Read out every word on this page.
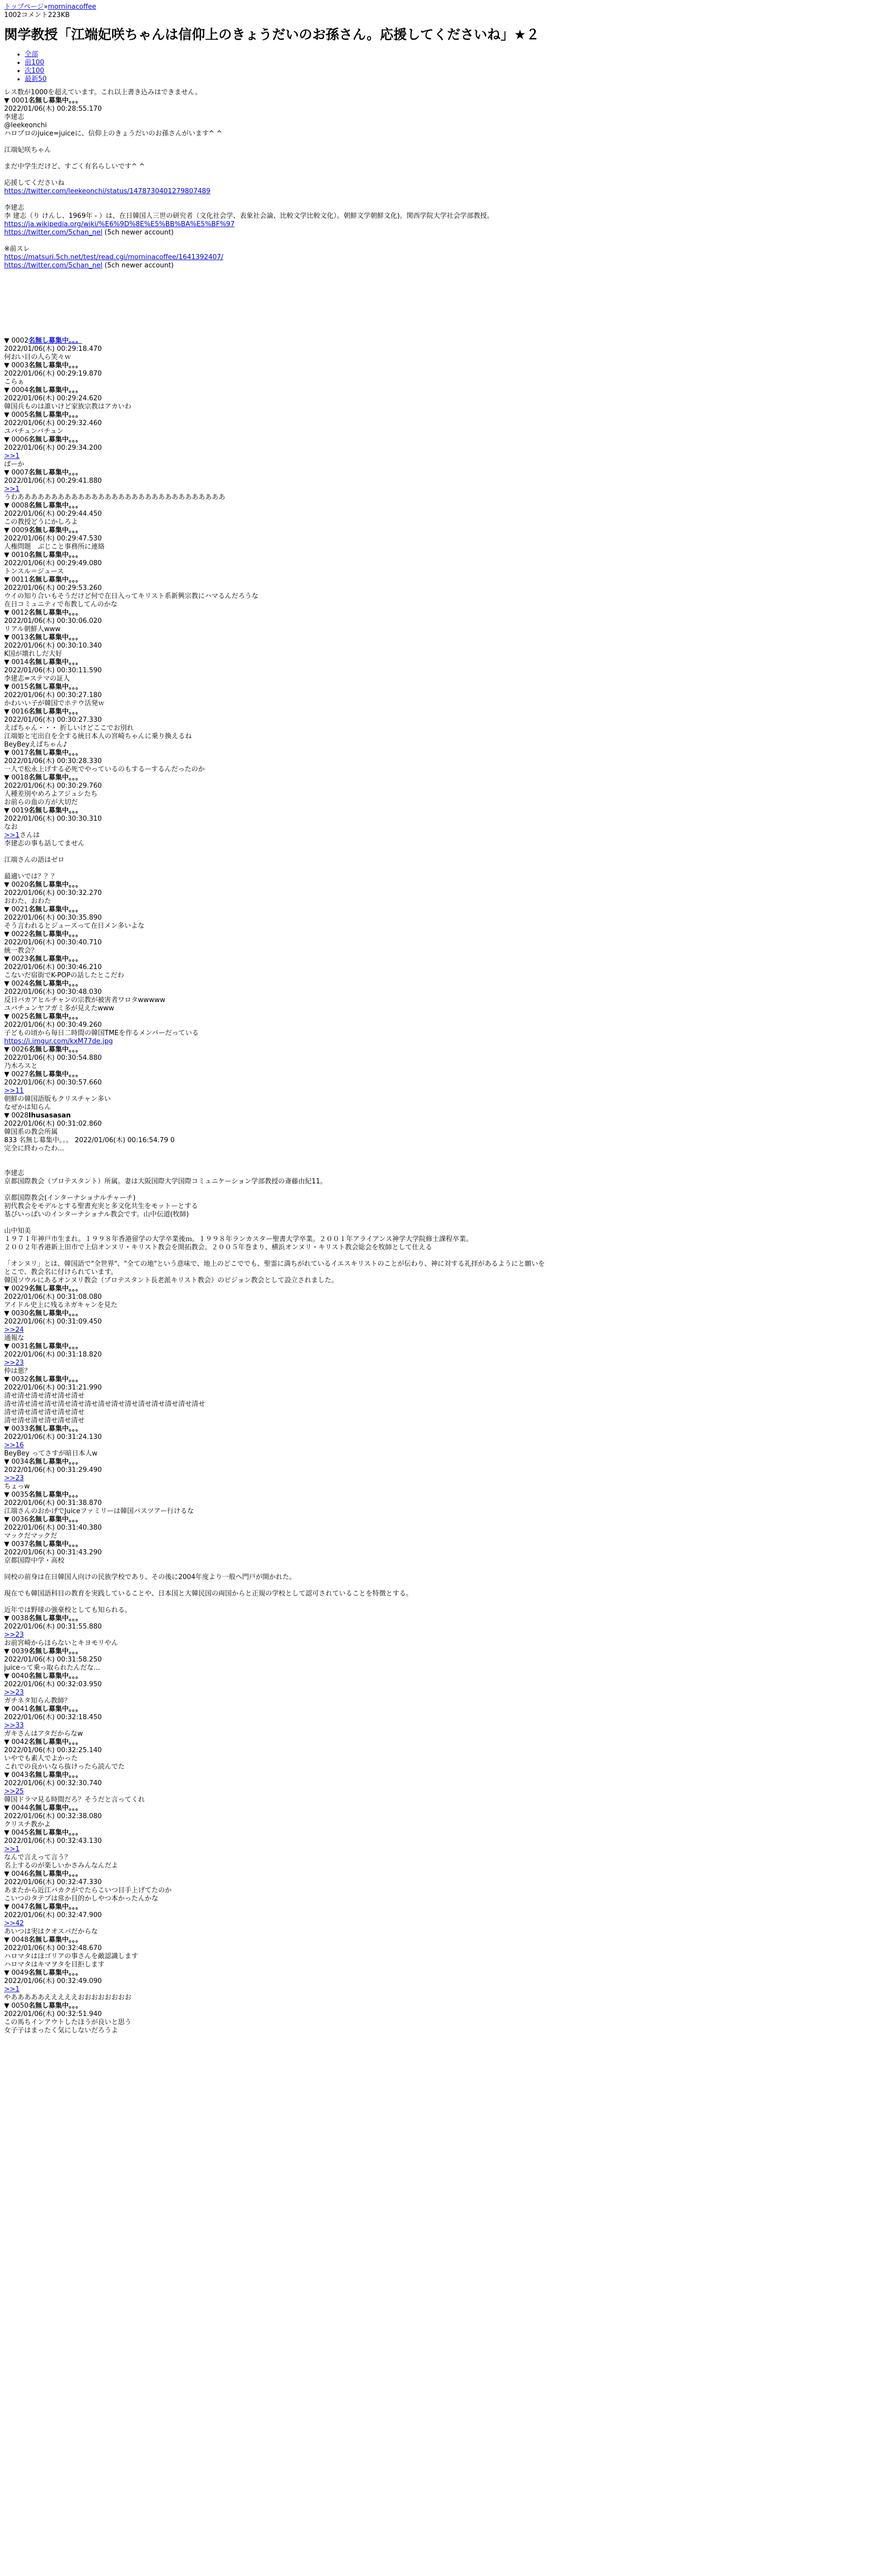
トップページ»morninacoffee
1002コメント223KB
関学教授「江端妃咲ちゃんは信仰上のきょうだいのお孫さん。応援してくださいね」★２
• 全部
• 前100
• 次100
• 最新50
レス数が1000を超えています。これ以上書き込みはできません。
▼ 0001名無し募集中。。。
2022/01/06(木) 00:28:55.170
李建志
@leekeonchi
ハロプロのjuice=juiceに、信仰上のきょうだいのお孫さんがいます^ ^

江端妃咲ちゃん

まだ中学生だけど、すごく有名らしいです^ ^

応援してくださいね

https://twitter.com/leekeonchi/status/1478730401279807489

李建志
李 建志（り けんし、1969年 - ）は、在日韓国人三世の研究者（文化社会学、表象社会論、比較文学比較文化）。朝鮮文学朝鮮文化)。関西学院大学社会学部教授。
https://ja.wikipedia.org/wiki/%E6%9D%8E%E5%BB%BA%E5%BF%97
https://twitter.com/5chan_nel (5ch newer account)

※前スレ
https://matsuri.5ch.net/test/read.cgi/morninacoffee/1641392407/
https://twitter.com/5chan_nel (5ch newer account)
▼ 0002名無し募集中。。。
2022/01/06(木) 00:29:18.470
何おい目の人ら笑々ｗ
▼ 0003名無し募集中。。。
2022/01/06(木) 00:29:19.870
こらぁ
▼ 0004名無し募集中。。。
2022/01/06(木) 00:29:24.620
韓国兵ものは誰いけど家族宗教はアカいわ
▼ 0005名無し募集中。。。
2022/01/06(木) 00:29:32.460
ユバチュンバチュン
▼ 0006名無し募集中。。。
2022/01/06(木) 00:29:34.200
>>1
ばーか
▼ 0007名無し募集中。。。
2022/01/06(木) 00:29:41.880
>>1
うわあああああああああああああああああああああああああああああああ
▼ 0008名無し募集中。。。
2022/01/06(木) 00:29:44.450
この教授どうにかしろよ
▼ 0009名無し募集中。。。
2022/01/06(木) 00:29:47.530
人権問題　ぶじこと事務所に連絡
▼ 0010名無し募集中。。。
2022/01/06(木) 00:29:49.080
トンスル＝ジュース
▼ 0011名無し募集中。。。
2022/01/06(木) 00:29:53.260
ウイの知り合いもそうだけど何で在日入ってキリスト系新興宗教にハマるんだろうな
在日コミュニティで布教してんのかな
▼ 0012名無し募集中。。。
2022/01/06(木) 00:30:06.020
リアル朝鮮人www
▼ 0013名無し募集中。。。
2022/01/06(木) 00:30:10.340
K国が壊れしだ大好
▼ 0014名無し募集中。。。
2022/01/06(木) 00:30:11.590
李建志=ステマの証人
▼ 0015名無し募集中。。。
2022/01/06(木) 00:30:27.180
かわいい子が韓国でホテウ活発ｗ
▼ 0016名無し募集中。。。
2022/01/06(木) 00:30:27.330
えばちゃん・・・ 折しいけどここでお別れ
江端姫と宅出自を全する統日本人の宮崎ちゃんに乗り換えるね
BeyBeyえばちゃん♪
▼ 0017名無し募集中。。。
2022/01/06(木) 00:30:28.330
一人で松永上げする必死でやっているのもするーするんだったのか
▼ 0018名無し募集中。。。
2022/01/06(木) 00:30:29.760
人種差別やめろよアジュシたち
お前らの血の方が大切だ
▼ 0019名無し募集中。。。
2022/01/06(木) 00:30:30.310
なお
>>1さんは
李建志の事も話してません

江端さんの語はゼロ

最適いでは？？？
▼ 0020名無し募集中。。。
2022/01/06(木) 00:30:32.270
おわた、おわた
▼ 0021名無し募集中。。。
2022/01/06(木) 00:30:35.890
そう言われるとジュースって在日メン多いよな
▼ 0022名無し募集中。。。
2022/01/06(木) 00:30:40.710
統一教会？
▼ 0023名無し募集中。。。
2022/01/06(木) 00:30:46.210
こないだ宿街でK-POPの話したとこだわ
▼ 0024名無し募集中。。。
2022/01/06(木) 00:30:48.030
反日バカアヒルチャンの宗教が被害者ワロタwwwww
ユバチュンヤフガミ多が見えたwww
▼ 0025名無し募集中。。。
2022/01/06(木) 00:30:49.260
子どもの頃から毎日二時間の韓国TMEを作るメンバーだっている
https://i.imgur.com/kxM77de.jpg
▼ 0026名無し募集中。。。
2022/01/06(木) 00:30:54.880
乃木ろスと
▼ 0027名無し募集中。。。
2022/01/06(木) 00:30:57.660
>>11
朝鮮の韓国語版もクリスチャン多い
なぜかは知らん
▼ 0028Ihusasasan
2022/01/06(木) 00:31:02.860
韓国系の教会所属
833 名無し募集中。。。 2022/01/06(木) 00:16:54.79 0
完全に終わったわ...

李建志
京都国際教会（プロテスタント）所属。妻は大阪国際大学国際コミュニケーション学部教授の斎藤由紀11。

京都国際教会(インターナショナルチャーチ)
初代教会をモデルとする聖書充実と多文化共生をモットーとする
基びいっぱいのインターナショナル教会です。山中伝道(牧師)

山中知美
１９７１年神戸市生まれ。１９９８年香港留学の大学卒業後ｍ。１９９８年ランカスター聖書大学卒業。２００１年アライアンス神学大学院修士課程卒業。
２００２年香港新上田市で上信オンヌリ・キリスト教会を開拓教会。２００５年巻まり、横浜オンヌリ・キリスト教会総会を牧師として仕える

「オンヌリ」とは、韓国語で"全世界"、"全ての地"という意味で、地上のどこででも、聖霊に満ちがれているイエスキリストのことが伝わり、神に対する礼拝があるようにと願いを
とこで、教会名に付けられています。
韓国ソウルにあるオンヌリ教会（プロテスタント長老派キリスト教会）のビジョン教会として設立されました。
▼ 0029名無し募集中。。。
2022/01/06(木) 00:31:08.080
アイドル史上に残るネガキャンを見た
▼ 0030名無し募集中。。。
2022/01/06(木) 00:31:09.450
>>24
通報な
▼ 0031名無し募集中。。。
2022/01/06(木) 00:31:18.820
>>23
仲は悪？
▼ 0032名無し募集中。。。
2022/01/06(木) 00:31:21.990
清せ清せ清せ清せ清せ清せ
清せ清せ清せ清せ清せ清せ清せ清せ清せ清せ清せ清せ清せ清せ清せ
清せ清せ清せ清せ清せ清せ
清せ清せ清せ清せ清せ清せ
▼ 0033名無し募集中。。。
2022/01/06(木) 00:31:24.130
>>16
BeyBey ってさすが暗日本人w
▼ 0034名無し募集中。。。
2022/01/06(木) 00:31:29.490
>>23
ちょっw
▼ 0035名無し募集中。。。
2022/01/06(木) 00:31:38.870
江端さんのおかげでJuiceファミリーは韓国パスツアー行けるな
▼ 0036名無し募集中。。。
2022/01/06(木) 00:31:40.380
マックだマックだ
▼ 0037名無し募集中。。。
2022/01/06(木) 00:31:43.290
京都国際中学・高校

同校の前身は在日韓国人向けの民族学校であり、その後に2004年度より一般へ門戸が開かれた。

現在でも韓国語科目の教育を実践していることや、日本国と大韓民国の両国からと正規の学校として認可されていることを特徴とする。

近年では野球の強豪校としても知られる。
▼ 0038名無し募集中。。。
2022/01/06(木) 00:31:55.880
>>23
お前宮崎からほらないとキヨモリやん
▼ 0039名無し募集中。。。
2022/01/06(木) 00:31:58.250
juiceって乗っ取られたんだな...
▼ 0040名無し募集中。。。
2022/01/06(木) 00:32:03.950
>>23
ガチネタ知らん教師？
▼ 0041名無し募集中。。。
2022/01/06(木) 00:32:18.450
>>33
ガキさんはアタだからなw
▼ 0042名無し募集中。。。
2022/01/06(木) 00:32:25.140
いやでも素人でよかった
これでの良かいなら抜けったら読んでた
▼ 0043名無し募集中。。。
2022/01/06(木) 00:32:30.740
>>25
韓国ドラマ見る時間だろ？そうだと言ってくれ
▼ 0044名無し募集中。。。
2022/01/06(木) 00:32:38.080
クリスチ教かよ
▼ 0045名無し募集中。。。
2022/01/06(木) 00:32:43.130
>>1
なんで言えって言う？
名上するのが楽しいかさみんなんだよ
▼ 0046名無し募集中。。。
2022/01/06(木) 00:32:47.330
あまたから近江バカクがでたらこいつ目手上げてたのか
こいつのタテブは常か目的かしやつ本かったんかな
▼ 0047名無し募集中。。。
2022/01/06(木) 00:32:47.900
>>42
あいつは実はクオスパだからな
▼ 0048名無し募集中。。。
2022/01/06(木) 00:32:48.670
ハロマタはほゴリアの事さんを敵認識します
ハロマタはキマヲタを目拒します
▼ 0049名無し募集中。。。
2022/01/06(木) 00:32:49.090
>>1
やあああああえええええおおおおおおおお
▼ 0050名無し募集中。。。
2022/01/06(木) 00:32:51.940
この馬ちインアウトしたほうが良いと思う
女子子はまったく気にしないだろうよ
